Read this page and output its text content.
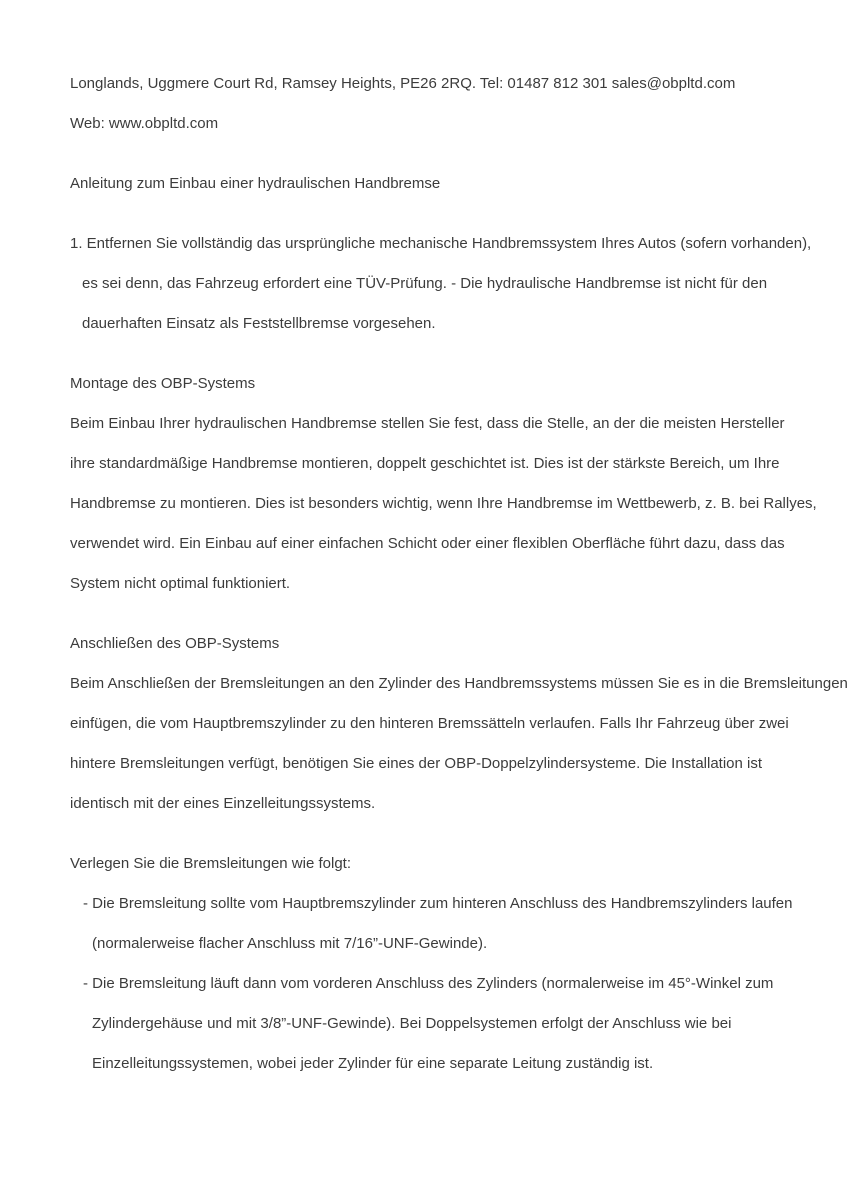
Longlands, Uggmere Court Rd, Ramsey Heights, PE26 2RQ. Tel: 01487 812 301 sales@obpltd.com
Web: www.obpltd.com
Anleitung zum Einbau einer hydraulischen Handbremse
1. Entfernen Sie vollständig das ursprüngliche mechanische Handbremssystem Ihres Autos (sofern vorhanden),
es sei denn, das Fahrzeug erfordert eine TÜV-Prüfung. - Die hydraulische Handbremse ist nicht für den
dauerhaften Einsatz als Feststellbremse vorgesehen.
Montage des OBP-Systems
Beim Einbau Ihrer hydraulischen Handbremse stellen Sie fest, dass die Stelle, an der die meisten Hersteller
ihre standardmäßige Handbremse montieren, doppelt geschichtet ist. Dies ist der stärkste Bereich, um Ihre
Handbremse zu montieren. Dies ist besonders wichtig, wenn Ihre Handbremse im Wettbewerb, z. B. bei Rallyes,
verwendet wird. Ein Einbau auf einer einfachen Schicht oder einer flexiblen Oberfläche führt dazu, dass das
System nicht optimal funktioniert.
Anschließen des OBP-Systems
Beim Anschließen der Bremsleitungen an den Zylinder des Handbremssystems müssen Sie es in die Bremsleitungen
einfügen, die vom Hauptbremszylinder zu den hinteren Bremssätteln verlaufen. Falls Ihr Fahrzeug über zwei
hintere Bremsleitungen verfügt, benötigen Sie eines der OBP-Doppelzylindersysteme. Die Installation ist
identisch mit der eines Einzelleitungssystems.
Verlegen Sie die Bremsleitungen wie folgt:
- Die Bremsleitung sollte vom Hauptbremszylinder zum hinteren Anschluss des Handbremszylinders laufen
(normalerweise flacher Anschluss mit 7/16”-UNF-Gewinde).
- Die Bremsleitung läuft dann vom vorderen Anschluss des Zylinders (normalerweise im 45°-Winkel zum
Zylindergehäuse und mit 3/8”-UNF-Gewinde). Bei Doppelsystemen erfolgt der Anschluss wie bei
Einzelleitungssystemen, wobei jeder Zylinder für eine separate Leitung zuständig ist.
